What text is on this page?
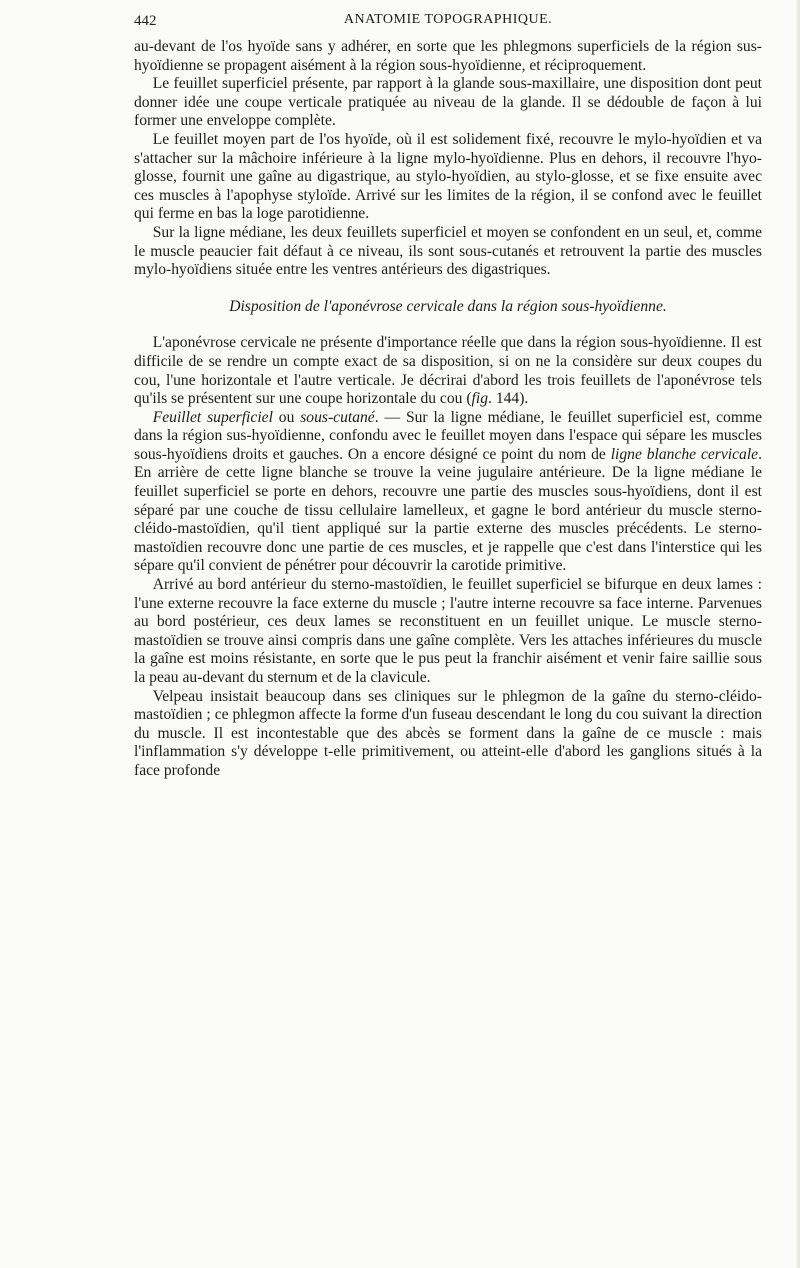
442	ANATOMIE TOPOGRAPHIQUE.

au-devant de l'os hyoïde sans y adhérer, en sorte que les phlegmons superficiels de la région sus-hyoïdienne se propagent aisément à la région sous-hyoïdienne, et réciproquement.

Le feuillet superficiel présente, par rapport à la glande sous-maxillaire, une disposition dont peut donner idée une coupe verticale pratiquée au niveau de la glande. Il se dédouble de façon à lui former une enveloppe complète.

Le feuillet moyen part de l'os hyoïde, où il est solidement fixé, recouvre le mylo-hyoïdien et va s'attacher sur la mâchoire inférieure à la ligne mylo-hyoïdienne. Plus en dehors, il recouvre l'hyo-glosse, fournit une gaîne au digastrique, au stylo-hyoïdien, au stylo-glosse, et se fixe ensuite avec ces muscles à l'apophyse styloïde. Arrivé sur les limites de la région, il se confond avec le feuillet qui ferme en bas la loge parotidienne.

Sur la ligne médiane, les deux feuillets superficiel et moyen se confondent en un seul, et, comme le muscle peaucier fait défaut à ce niveau, ils sont sous-cutanés et retrouvent la partie des muscles mylo-hyoïdiens située entre les ventres antérieurs des digastriques.

Disposition de l'aponévrose cervicale dans la région sous-hyoïdienne.

L'aponévrose cervicale ne présente d'importance réelle que dans la région sous-hyoïdienne. Il est difficile de se rendre un compte exact de sa disposition, si on ne la considère sur deux coupes du cou, l'une horizontale et l'autre verticale. Je décrirai d'abord les trois feuillets de l'aponévrose tels qu'ils se présentent sur une coupe horizontale du cou (fig. 144).

Feuillet superficiel ou sous-cutané. — Sur la ligne médiane, le feuillet superficiel est, comme dans la région sus-hyoïdienne, confondu avec le feuillet moyen dans l'espace qui sépare les muscles sous-hyoïdiens droits et gauches. On a encore désigné ce point du nom de ligne blanche cervicale. En arrière de cette ligne blanche se trouve la veine jugulaire antérieure. De la ligne médiane le feuillet superficiel se porte en dehors, recouvre une partie des muscles sous-hyoïdiens, dont il est séparé par une couche de tissu cellulaire lamelleux, et gagne le bord antérieur du muscle sterno-cléido-mastoïdien, qu'il tient appliqué sur la partie externe des muscles précédents. Le sterno-mastoïdien recouvre donc une partie de ces muscles, et je rappelle que c'est dans l'interstice qui les sépare qu'il convient de pénétrer pour découvrir la carotide primitive.

Arrivé au bord antérieur du sterno-mastoïdien, le feuillet superficiel se bifurque en deux lames : l'une externe recouvre la face externe du muscle ; l'autre interne recouvre sa face interne. Parvenues au bord postérieur, ces deux lames se reconstituent en un feuillet unique. Le muscle sterno-mastoïdien se trouve ainsi compris dans une gaîne complète. Vers les attaches inférieures du muscle la gaîne est moins résistante, en sorte que le pus peut la franchir aisément et venir faire saillie sous la peau au-devant du sternum et de la clavicule.

Velpeau insistait beaucoup dans ses cliniques sur le phlegmon de la gaîne du sterno-cléido-mastoïdien ; ce phlegmon affecte la forme d'un fuseau descendant le long du cou suivant la direction du muscle. Il est incontestable que des abcès se forment dans la gaîne de ce muscle : mais l'inflammation s'y développe t-elle primitivement, ou atteint-elle d'abord les ganglions situés à la face profonde
